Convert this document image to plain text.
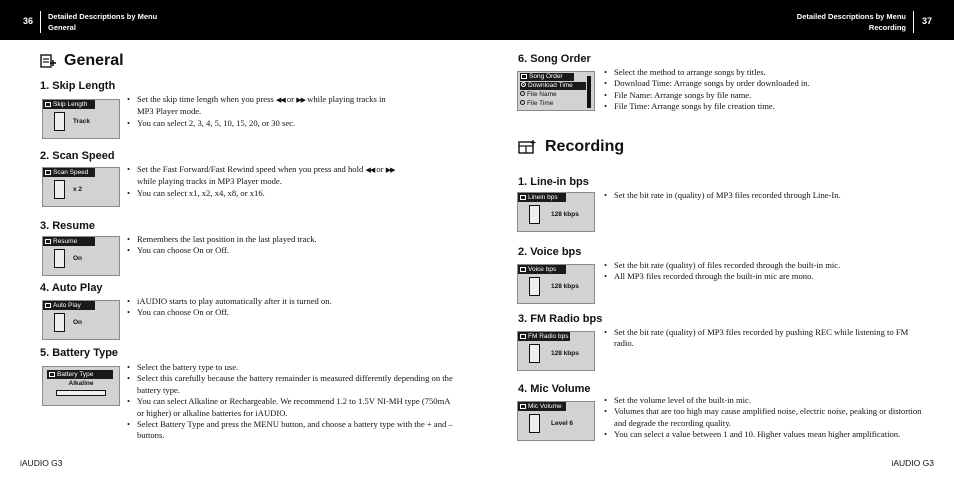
36 Detailed Descriptions by Menu
General
Detailed Descriptions by Menu
Recording
37
General
1. Skip Length
Skip Length
Track
• Set the skip time length when you press ◀◀ or ▶▶ while playing tracks in
MP3 Player mode.
• You can select 2, 3, 4, 5, 10, 15, 20, or 30 sec.
2. Scan Speed
Scan Speed
x 2
• Set the Fast Forward/Fast Rewind speed when you press and hold ◀◀ or ▶▶
while playing tracks in MP3 Player mode.
• You can select x1, x2, x4, x8, or x16.
3. Resume
Resume
On
• Remembers the last position in the last played track.
• You can choose On or Off.
4. Auto Play
Auto Play
On
• iAUDIO starts to play automatically after it is turned on.
• You can choose On or Off.
5. Battery Type
Battery Type
Alkaline
• Select the battery type to use.
• Select this carefully because the battery remainder is measured differently depending on the battery type.
• You can select Alkaline or Rechargeable. We recommend 1.2 to 1.5V NI-MH type (750mA or higher) or alkaline batteries for iAUDIO.
• Select Battery Type and press the MENU button, and choose a battery type with the + and – buttons.
6. Song Order
Song Order
Download Time
File Name
File Time
• Select the method to arrange songs by titles.
• Download Time: Arrange songs by order downloaded in.
• File Name: Arrange songs by file name.
• File Time: Arrange songs by file creation time.
Recording
1. Line-in bps
Linein bps
128 kbps
• Set the bit rate in (quality) of MP3 files recorded through Line-In.
2. Voice bps
Voice bps
128 kbps
• Set the bit rate (quality) of files recorded through the built-in mic.
• All MP3 files recorded through the built-in mic are mono.
3. FM Radio bps
FM Radio bps
128 kbps
• Set the bit rate (quality) of MP3 files recorded by pushing REC while listening to FM radio.
4. Mic Volume
Mic Volume
Level 6
• Set the volume level of the built-in mic.
• Volumes that are too high may cause amplified noise, electric noise, peaking or distortion and degrade the recording quality.
• You can select a value between 1 and 10. Higher values mean higher amplification.
iAUDIO G3	iAUDIO G3
